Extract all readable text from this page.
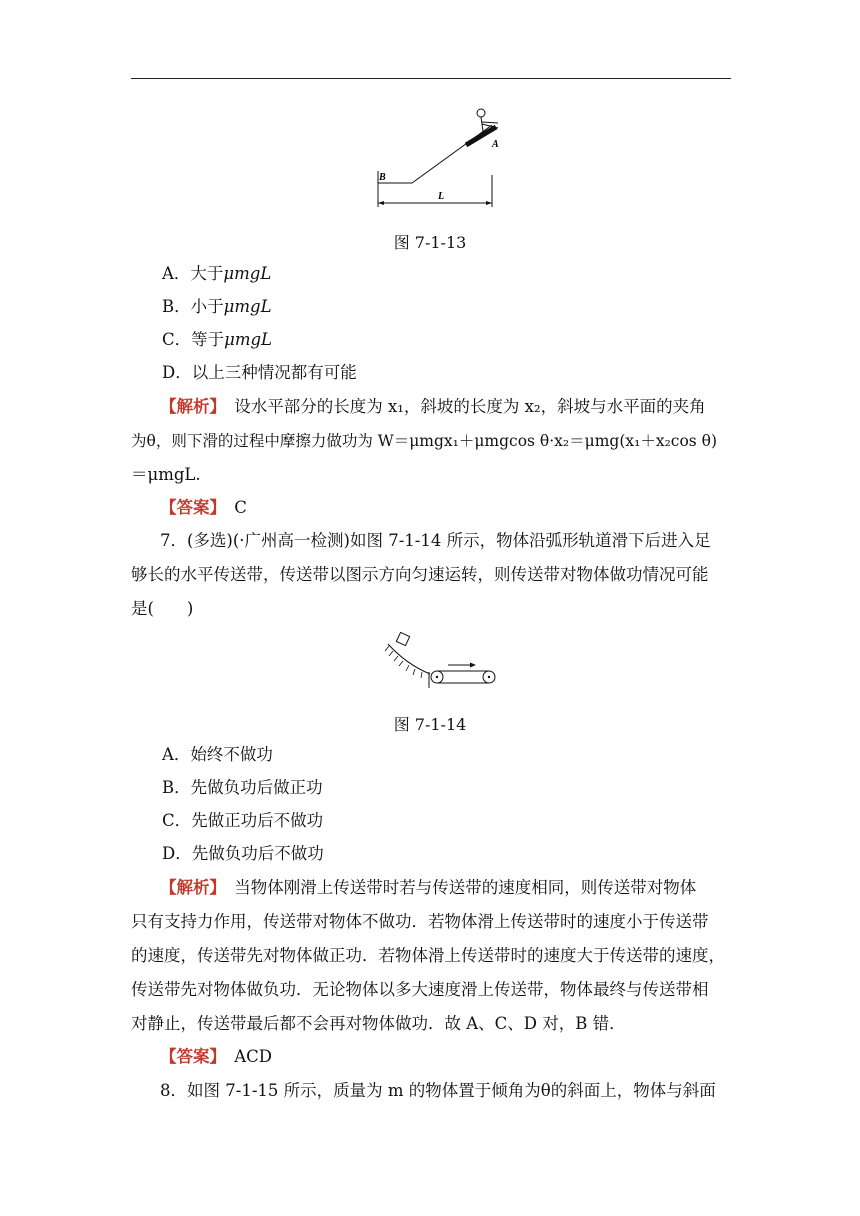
B
A
L
图 7-1-13
A．大于μmgL
B．小于μmgL
C．等于μmgL
D．以上三种情况都有可能
【解析】　 设水平部分的长度为 x₁，斜坡的长度为 x₂，斜坡与水平面的夹角
为θ，则下滑的过程中摩擦力做功为 W＝μmgx₁＋μmgcos θ·x₂＝μmg(x₁＋x₂cos θ)
＝μmgL.
【答案】　 C
7．(多选)(·广州高一检测)如图 7-1-14 所示，物体沿弧形轨道滑下后进入足
够长的水平传送带，传送带以图示方向匀速运转，则传送带对物体做功情况可能
是(　　)
图 7-1-14
A．始终不做功
B．先做负功后做正功
C．先做正功后不做功
D．先做负功后不做功
【解析】　 当物体刚滑上传送带时若与传送带的速度相同，则传送带对物体
只有支持力作用，传送带对物体不做功．若物体滑上传送带时的速度小于传送带
的速度，传送带先对物体做正功．若物体滑上传送带时的速度大于传送带的速度，
传送带先对物体做负功．无论物体以多大速度滑上传送带，物体最终与传送带相
对静止，传送带最后都不会再对物体做功．故 A、C、D 对，B 错．
【答案】　 ACD
8．如图 7-1-15 所示，质量为 m 的物体置于倾角为θ的斜面上，物体与斜面
